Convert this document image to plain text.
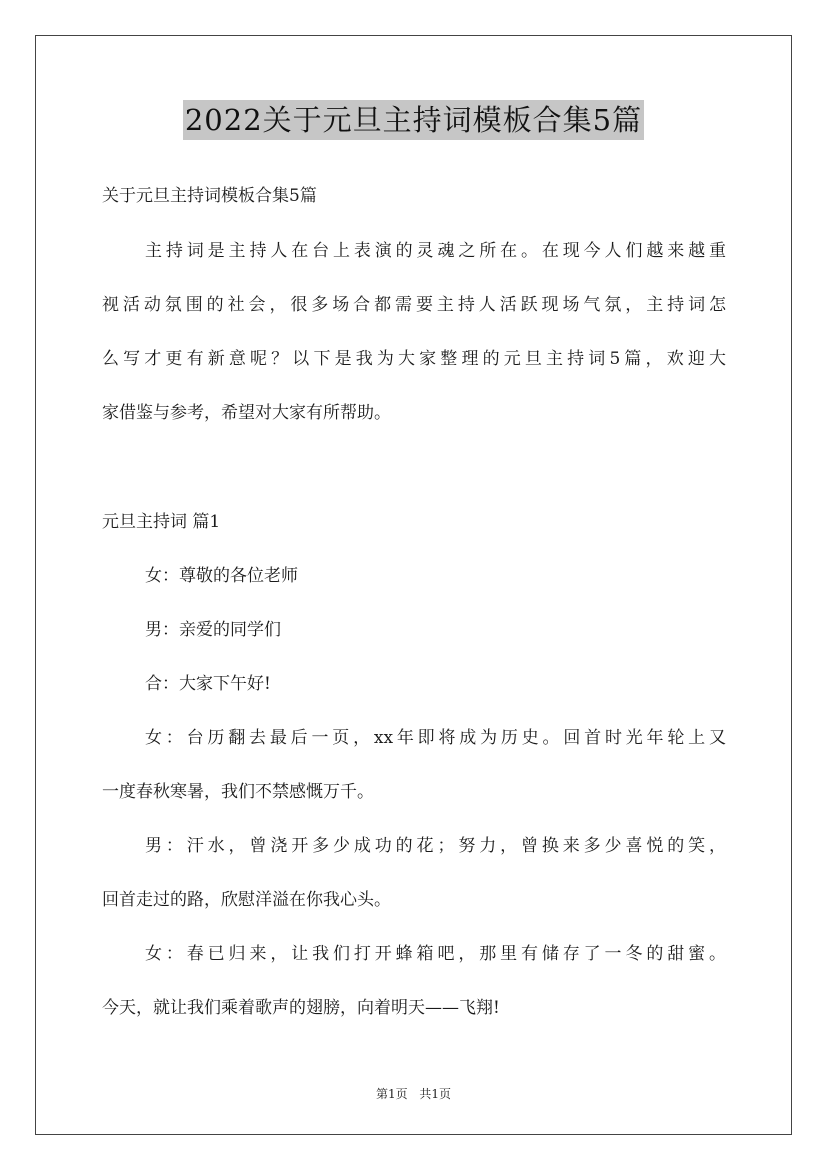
2022关于元旦主持词模板合集5篇
关于元旦主持词模板合集5篇
主持词是主持人在台上表演的灵魂之所在。在现今人们越来越重
视活动氛围的社会，很多场合都需要主持人活跃现场气氛，主持词怎
么写才更有新意呢？以下是我为大家整理的元旦主持词5篇，欢迎大
家借鉴与参考，希望对大家有所帮助。
元旦主持词 篇1
女：尊敬的各位老师
男：亲爱的同学们
合：大家下午好!
女：台历翻去最后一页，xx年即将成为历史。回首时光年轮上又
一度春秋寒暑，我们不禁感慨万千。
男：汗水，曾浇开多少成功的花；努力，曾换来多少喜悦的笑，
回首走过的路，欣慰洋溢在你我心头。
女：春已归来，让我们打开蜂箱吧，那里有储存了一冬的甜蜜。
今天，就让我们乘着歌声的翅膀，向着明天——飞翔!
第1页 共1页
